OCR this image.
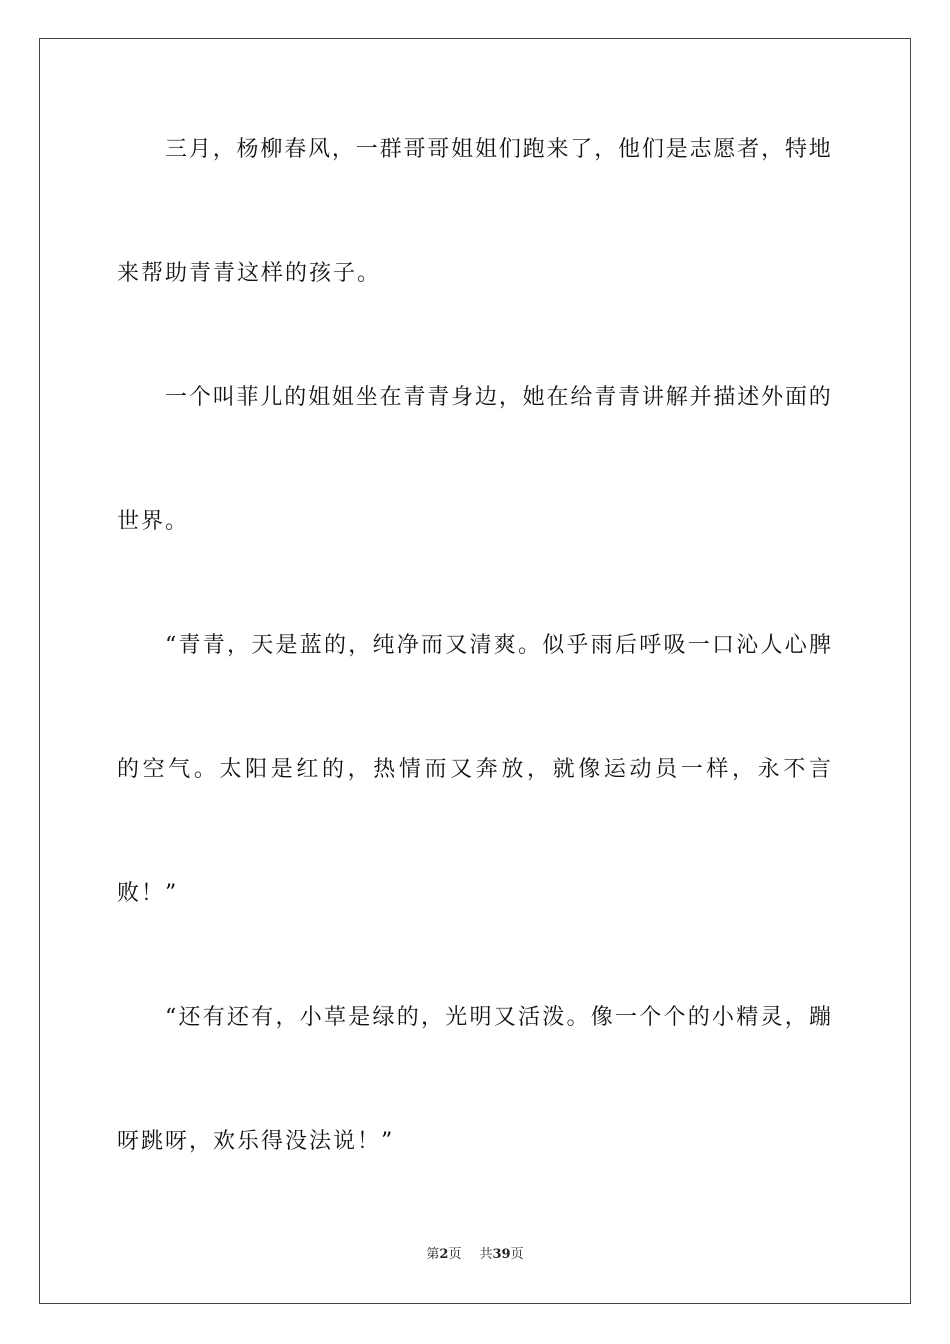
三 月 ， 杨 柳 春 风 ， 一 群 哥 哥 姐 姐 们 跑 来 了 ， 他 们 是 志 愿 者 ， 特 地
来帮助青青这样的孩子。
一 个 叫 菲 儿 的 姐 姐 坐 在 青 青 身 边 ， 她 在 给 青 青 讲 解 并 描 述 外 面 的
世界。
“ 青 青 ， 天 是 蓝 的 ， 纯 净 而 又 清 爽 。 似 乎 雨 后 呼 吸 一 口 沁 人 心 脾
的 空 气 。 太 阳 是 红 的 ， 热 情 而 又 奔 放 ， 就 像 运 动 员 一 样 ， 永 不 言
败！”
“ 还 有 还 有 ， 小 草 是 绿 的 ， 光 明 又 活 泼 。 像 一 个 个 的 小 精 灵 ， 蹦
呀跳呀，欢乐得没法说！”
第2页 共39页
